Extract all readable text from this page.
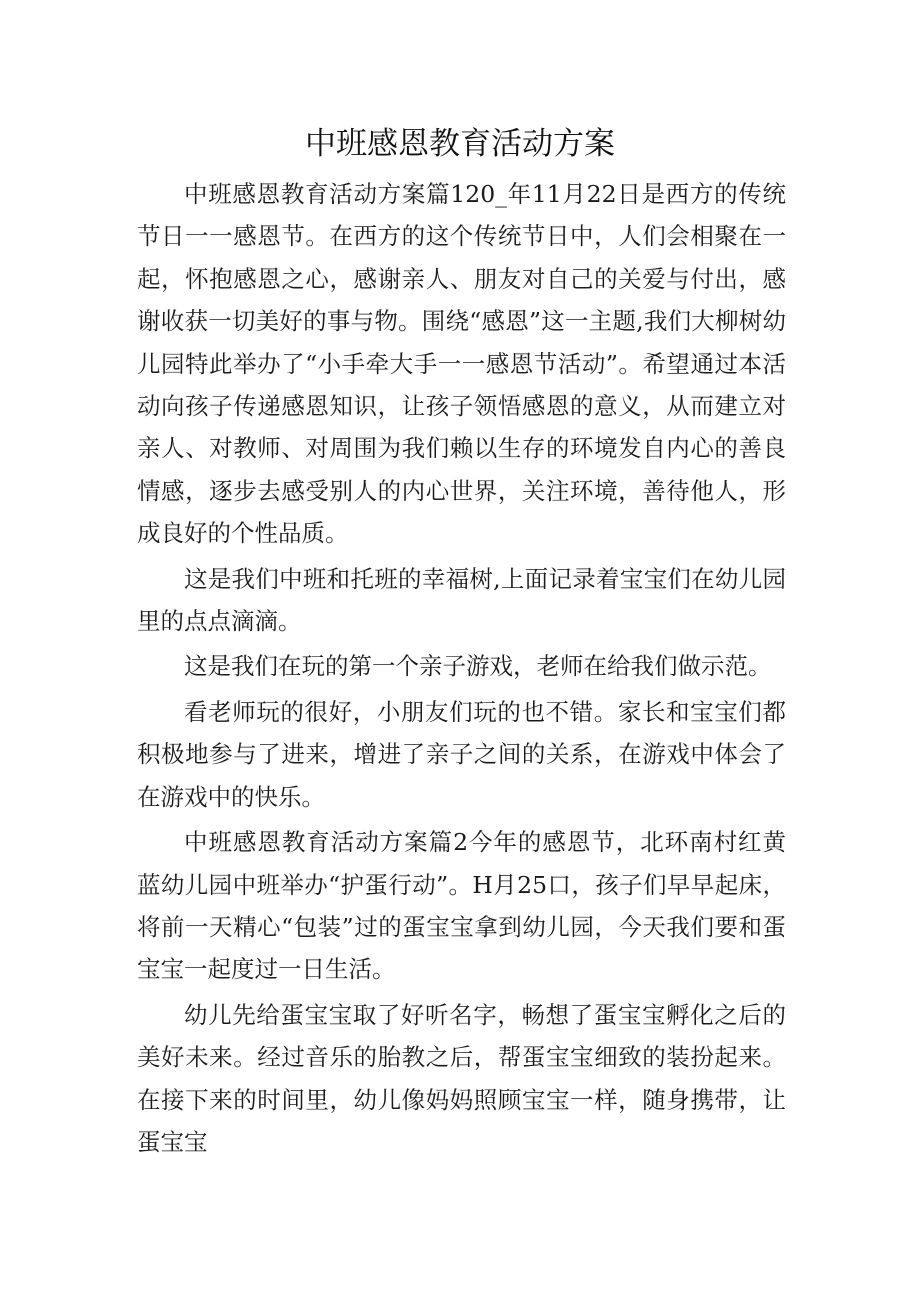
中班感恩教育活动方案

中班感恩教育活动方案篇120_年11月22日是西方的传统节日一一感恩节。在西方的这个传统节日中，人们会相聚在一起，怀抱感恩之心，感谢亲人、朋友对自己的关爱与付出，感谢收获一切美好的事与物。围绕“感恩”这一主题,我们大柳树幼儿园特此举办了“小手牵大手一一感恩节活动”。希望通过本活动向孩子传递感恩知识，让孩子领悟感恩的意义，从而建立对亲人、对教师、对周围为我们赖以生存的环境发自内心的善良情感，逐步去感受别人的内心世界，关注环境，善待他人，形成良好的个性品质。

这是我们中班和托班的幸福树,上面记录着宝宝们在幼儿园里的点点滴滴。

这是我们在玩的第一个亲子游戏，老师在给我们做示范。

看老师玩的很好，小朋友们玩的也不错。家长和宝宝们都积极地参与了进来，增进了亲子之间的关系，在游戏中体会了在游戏中的快乐。

中班感恩教育活动方案篇2今年的感恩节，北环南村红黄蓝幼儿园中班举办“护蛋行动”。H月25口，孩子们早早起床，将前一天精心“包装”过的蛋宝宝拿到幼儿园，今天我们要和蛋宝宝一起度过一日生活。

幼儿先给蛋宝宝取了好听名字，畅想了蛋宝宝孵化之后的美好未来。经过音乐的胎教之后，帮蛋宝宝细致的装扮起来。在接下来的时间里，幼儿像妈妈照顾宝宝一样，随身携带，让蛋宝宝
